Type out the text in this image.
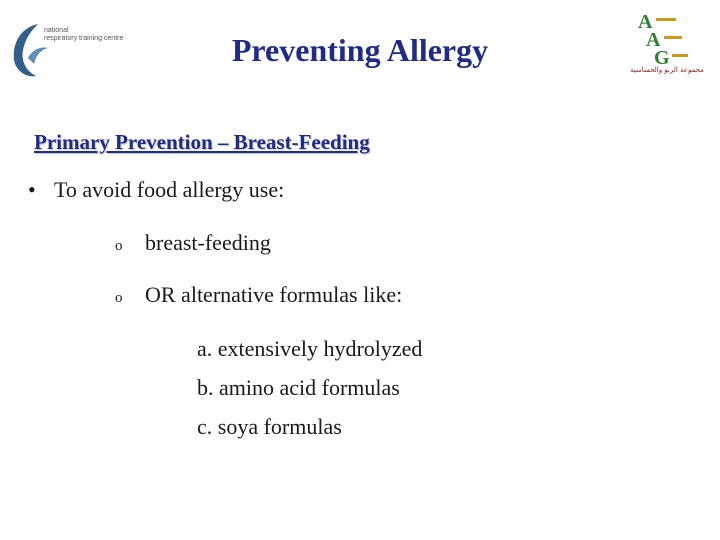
national
respiratory training centre
A
A
G
مجموعة الربو والحساسية
Preventing Allergy
Primary Prevention – Breast-Feeding
• To avoid food allergy use:
o breast-feeding
o OR alternative formulas like:
a. extensively hydrolyzed
b. amino acid formulas
c. soya formulas
